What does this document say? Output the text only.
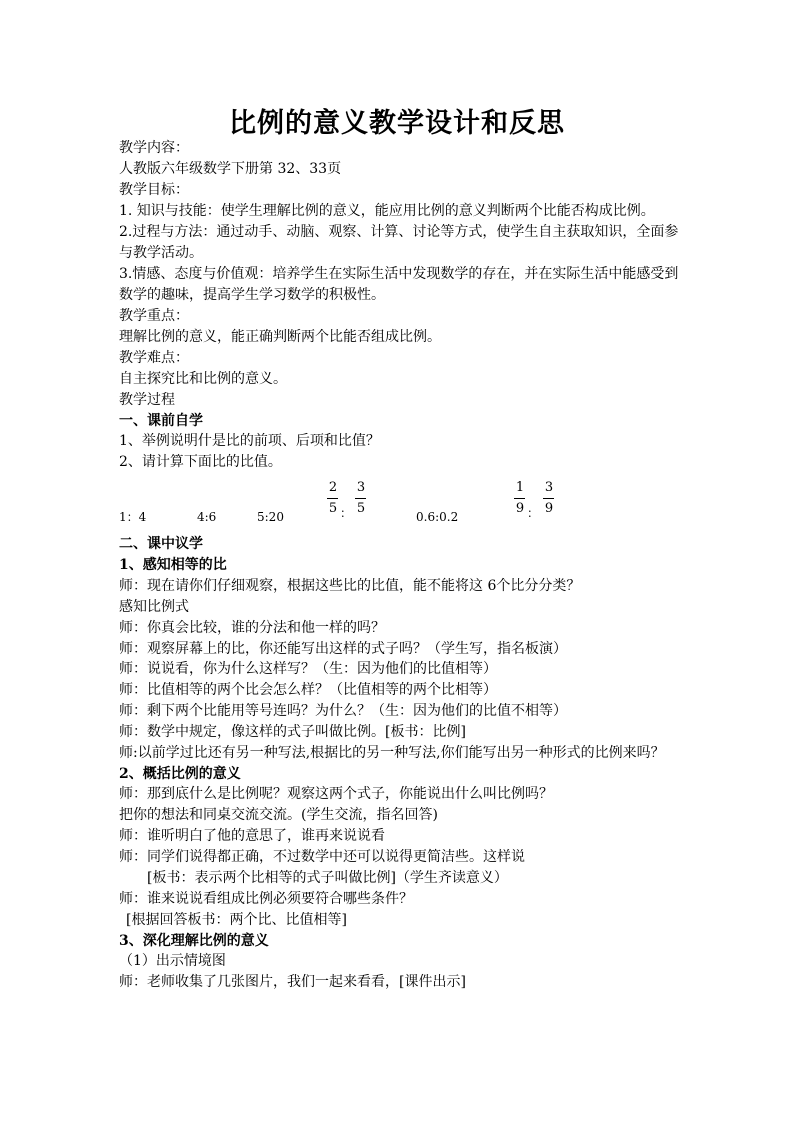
比例的意义教学设计和反思
教学内容：
人教版六年级数学下册第 32、33页
教学目标：
1. 知识与技能：使学生理解比例的意义，能应用比例的意义判断两个比能否构成比例。
2.过程与方法：通过动手、动脑、观察、计算、讨论等方式，使学生自主获取知识，全面参
与教学活动。
3.情感、态度与价值观：培养学生在实际生活中发现数学的存在，并在实际生活中能感受到
数学的趣味，提高学生学习数学的积极性。
教学重点：
理解比例的意义，能正确判断两个比能否组成比例。
教学难点：
自主探究比和比例的意义。
教学过程
一、课前自学
1、举例说明什是比的前项、后项和比值？
2、请计算下面比的比值。
1：4	4:6	5:20
2
5 ：
3
5
0.6:0.2
1
9 ：
3
9
二、课中议学
1、感知相等的比
师：现在请你们仔细观察，根据这些比的比值，能不能将这 6个比分分类？
感知比例式
师：你真会比较，谁的分法和他一样的吗？
师：观察屏幕上的比，你还能写出这样的式子吗？（学生写，指名板演）
师：说说看，你为什么这样写？（生：因为他们的比值相等）
师：比值相等的两个比会怎么样？（比值相等的两个比相等）
师：剩下两个比能用等号连吗？为什么？（生：因为他们的比值不相等）
师：数学中规定，像这样的式子叫做比例。[板书：比例]
师:以前学过比还有另一种写法,根据比的另一种写法,你们能写出另一种形式的比例来吗？
2、概括比例的意义
师：那到底什么是比例呢？观察这两个式子，你能说出什么叫比例吗？
把你的想法和同桌交流交流。(学生交流，指名回答)
师：谁听明白了他的意思了，谁再来说说看
师：同学们说得都正确，不过数学中还可以说得更简洁些。这样说
[板书：表示两个比相等的式子叫做比例]（学生齐读意义）
师：谁来说说看组成比例必须要符合哪些条件？
[根据回答板书：两个比、比值相等]
3、深化理解比例的意义
（1）出示情境图
师：老师收集了几张图片，我们一起来看看，[课件出示]
